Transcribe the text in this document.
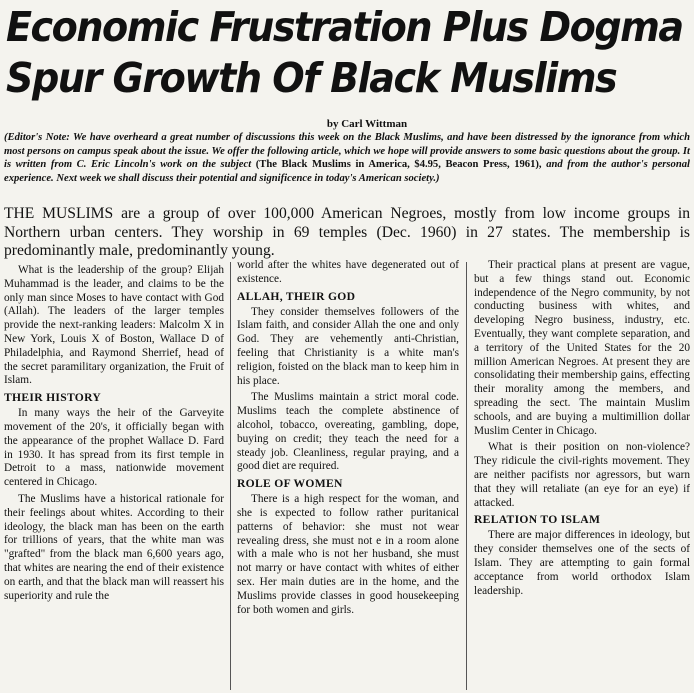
Economic Frustration Plus Dogma
Spur Growth Of Black Muslims

by Carl Wittman

(Editor's Note: We have overheard a great number of discussions this week on the Black Muslims, and have been distressed by the ignorance from which most persons on campus speak about the issue. We offer the following article, which we hope will provide answers to some basic questions about the group. It is written from C. Eric Lincoln's work on the subject (The Black Muslims in America, $4.95, Beacon Press, 1961), and from the author's personal experience. Next week we shall discuss their potential and significence in today's American society.)

THE MUSLIMS are a group of over 100,000 American Negroes, mostly from low income groups in Northern urban centers. They worship in 69 temples (Dec. 1960) in 27 states. The membership is predominantly male, predominantly young.

What is the leadership of the group? Elijah Muhammad is the leader, and claims to be the only man since Moses to have contact with God (Allah). The leaders of the larger temples provide the next-ranking leaders: Malcolm X in New York, Louis X of Boston, Wallace D of Philadelphia, and Raymond Sherrief, head of the secret paramilitary organization, the Fruit of Islam.

THEIR HISTORY

In many ways the heir of the Garveyite movement of the 20's, it officially began with the appearance of the prophet Wallace D. Fard in 1930. It has spread from its first temple in Detroit to a mass, nationwide movement centered in Chicago.

The Muslims have a historical rationale for their feelings about whites. According to their ideology, the black man has been on the earth for trillions of years, that the white man was "grafted" from the black man 6,600 years ago, that whites are nearing the end of their existence on earth, and that the black man will reassert his superiority and rule the

world after the whites have degenerated out of existence.

ALLAH, THEIR GOD

They consider themselves followers of the Islam faith, and consider Allah the one and only God. They are vehemently anti-Christian, feeling that Christianity is a white man's religion, foisted on the black man to keep him in his place.

The Muslims maintain a strict moral code. Muslims teach the complete abstinence of alcohol, tobacco, overeating, gambling, dope, buying on credit; they teach the need for a steady job. Cleanliness, regular praying, and a good diet are required.

ROLE OF WOMEN

There is a high respect for the woman, and she is expected to follow rather puritanical patterns of behavior: she must not wear revealing dress, she must not e in a room alone with a male who is not her husband, she must not marry or have contact with whites of either sex. Her main duties are in the home, and the Muslims provide classes in good housekeeping for both women and girls.

Their practical plans at present are vague, but a few things stand out. Economic independence of the Negro community, by not conducting business with whites, and developing Negro business, industry, etc. Eventually, they want complete separation, and a territory of the United States for the 20 million American Negroes. At present they are consolidating their membership gains, effecting their morality among the members, and spreading the sect. The maintain Muslim schools, and are buying a multimillion dollar Muslim Center in Chicago.

What is their position on non-violence? They ridicule the civil-rights movement. They are neither pacifists nor agressors, but warn that they will retaliate (an eye for an eye) if attacked.

RELATION TO ISLAM

There are major differences in ideology, but they consider themselves one of the sects of Islam. They are attempting to gain formal acceptance from world orthodox Islam leadership.
